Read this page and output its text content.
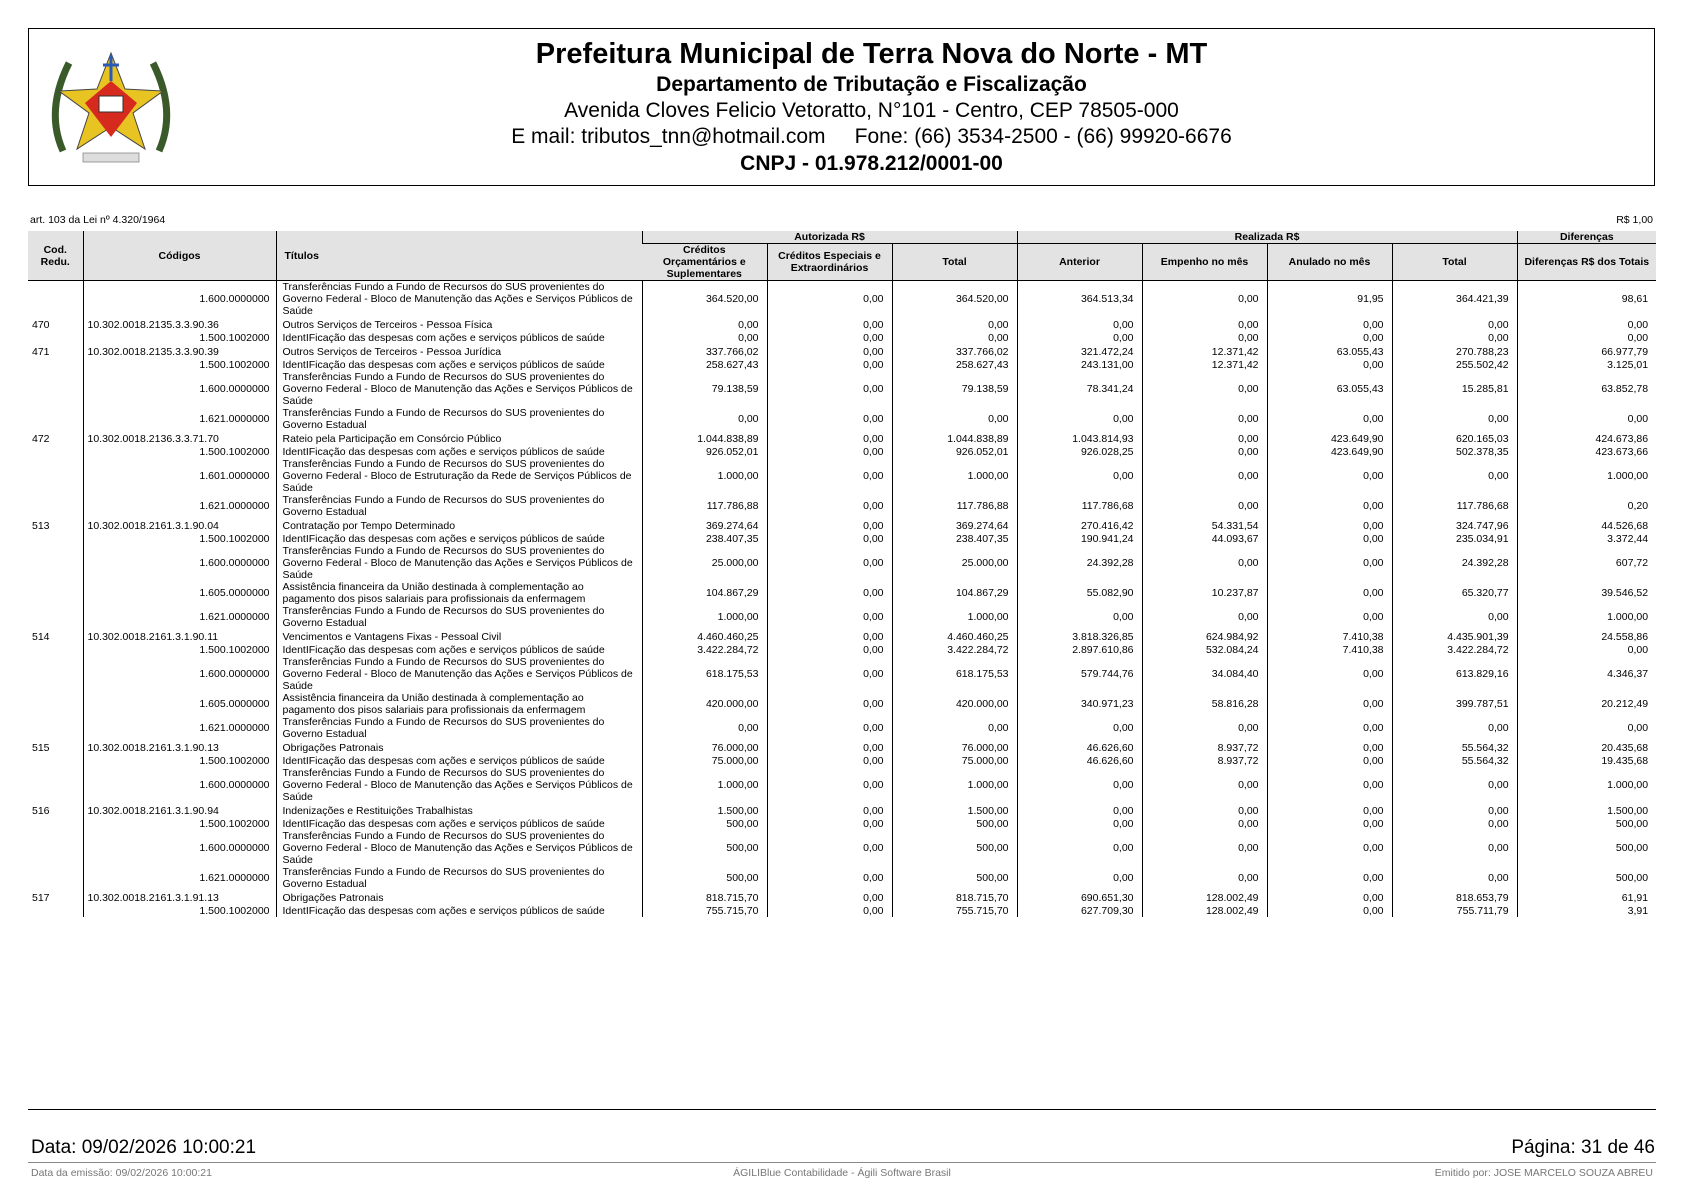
Prefeitura Municipal de Terra Nova do Norte - MT
Departamento de Tributação e Fiscalização
Avenida Cloves Felicio Vetoratto, N°101 - Centro, CEP 78505-000
E mail: tributos_tnn@hotmail.com     Fone: (66) 3534-2500 - (66) 99920-6676
CNPJ - 01.978.212/0001-00
art. 103 da Lei nº 4.320/1964	R$ 1,00
Cod. Redu.	Códigos	Títulos	Autorizada R$			Realizada R$				Diferenças
			Créditos Orçamentários e Suplementares	Créditos Especiais e Extraordinários	Total	Anterior	Empenho no mês	Anulado no mês	Total	Diferenças R$ dos Totais
	1.600.0000000	Transferências Fundo a Fundo de Recursos do SUS provenientes do Governo Federal - Bloco de Manutenção das Ações e Serviços Públicos de Saúde	364.520,00	0,00	364.520,00	364.513,34	0,00	91,95	364.421,39	98,61
470	10.302.0018.2135.3.3.90.36	Outros Serviços de Terceiros - Pessoa Física	0,00	0,00	0,00	0,00	0,00	0,00	0,00	0,00
	1.500.1002000	IdentIFicação das despesas com ações e serviços públicos de saúde	0,00	0,00	0,00	0,00	0,00	0,00	0,00	0,00
471	10.302.0018.2135.3.3.90.39	Outros Serviços de Terceiros - Pessoa Jurídica	337.766,02	0,00	337.766,02	321.472,24	12.371,42	63.055,43	270.788,23	66.977,79
	1.500.1002000	IdentIFicação das despesas com ações e serviços públicos de saúde	258.627,43	0,00	258.627,43	243.131,00	12.371,42	0,00	255.502,42	3.125,01
	1.600.0000000	Transferências Fundo a Fundo de Recursos do SUS provenientes do Governo Federal - Bloco de Manutenção das Ações e Serviços Públicos de Saúde	79.138,59	0,00	79.138,59	78.341,24	0,00	63.055,43	15.285,81	63.852,78
	1.621.0000000	Transferências Fundo a Fundo de Recursos do SUS provenientes do Governo Estadual	0,00	0,00	0,00	0,00	0,00	0,00	0,00	0,00
472	10.302.0018.2136.3.3.71.70	Rateio pela Participação em Consórcio Público	1.044.838,89	0,00	1.044.838,89	1.043.814,93	0,00	423.649,90	620.165,03	424.673,86
	1.500.1002000	IdentIFicação das despesas com ações e serviços públicos de saúde	926.052,01	0,00	926.052,01	926.028,25	0,00	423.649,90	502.378,35	423.673,66
	1.601.0000000	Transferências Fundo a Fundo de Recursos do SUS provenientes do Governo Federal - Bloco de Estruturação da Rede de Serviços Públicos de Saúde	1.000,00	0,00	1.000,00	0,00	0,00	0,00	0,00	1.000,00
	1.621.0000000	Transferências Fundo a Fundo de Recursos do SUS provenientes do Governo Estadual	117.786,88	0,00	117.786,88	117.786,68	0,00	0,00	117.786,68	0,20
513	10.302.0018.2161.3.1.90.04	Contratação por Tempo Determinado	369.274,64	0,00	369.274,64	270.416,42	54.331,54	0,00	324.747,96	44.526,68
	1.500.1002000	IdentIFicação das despesas com ações e serviços públicos de saúde	238.407,35	0,00	238.407,35	190.941,24	44.093,67	0,00	235.034,91	3.372,44
	1.600.0000000	Transferências Fundo a Fundo de Recursos do SUS provenientes do Governo Federal - Bloco de Manutenção das Ações e Serviços Públicos de Saúde	25.000,00	0,00	25.000,00	24.392,28	0,00	0,00	24.392,28	607,72
	1.605.0000000	Assistência financeira da União destinada à complementação ao pagamento dos pisos salariais para profissionais da enfermagem	104.867,29	0,00	104.867,29	55.082,90	10.237,87	0,00	65.320,77	39.546,52
	1.621.0000000	Transferências Fundo a Fundo de Recursos do SUS provenientes do Governo Estadual	1.000,00	0,00	1.000,00	0,00	0,00	0,00	0,00	1.000,00
514	10.302.0018.2161.3.1.90.11	Vencimentos e Vantagens Fixas - Pessoal Civil	4.460.460,25	0,00	4.460.460,25	3.818.326,85	624.984,92	7.410,38	4.435.901,39	24.558,86
	1.500.1002000	IdentIFicação das despesas com ações e serviços públicos de saúde	3.422.284,72	0,00	3.422.284,72	2.897.610,86	532.084,24	7.410,38	3.422.284,72	0,00
	1.600.0000000	Transferências Fundo a Fundo de Recursos do SUS provenientes do Governo Federal - Bloco de Manutenção das Ações e Serviços Públicos de Saúde	618.175,53	0,00	618.175,53	579.744,76	34.084,40	0,00	613.829,16	4.346,37
	1.605.0000000	Assistência financeira da União destinada à complementação ao pagamento dos pisos salariais para profissionais da enfermagem	420.000,00	0,00	420.000,00	340.971,23	58.816,28	0,00	399.787,51	20.212,49
	1.621.0000000	Transferências Fundo a Fundo de Recursos do SUS provenientes do Governo Estadual	0,00	0,00	0,00	0,00	0,00	0,00	0,00	0,00
515	10.302.0018.2161.3.1.90.13	Obrigações Patronais	76.000,00	0,00	76.000,00	46.626,60	8.937,72	0,00	55.564,32	20.435,68
	1.500.1002000	IdentIFicação das despesas com ações e serviços públicos de saúde	75.000,00	0,00	75.000,00	46.626,60	8.937,72	0,00	55.564,32	19.435,68
	1.600.0000000	Transferências Fundo a Fundo de Recursos do SUS provenientes do Governo Federal - Bloco de Manutenção das Ações e Serviços Públicos de Saúde	1.000,00	0,00	1.000,00	0,00	0,00	0,00	0,00	1.000,00
516	10.302.0018.2161.3.1.90.94	Indenizações e Restituições Trabalhistas	1.500,00	0,00	1.500,00	0,00	0,00	0,00	0,00	1.500,00
	1.500.1002000	IdentIFicação das despesas com ações e serviços públicos de saúde	500,00	0,00	500,00	0,00	0,00	0,00	0,00	500,00
	1.600.0000000	Transferências Fundo a Fundo de Recursos do SUS provenientes do Governo Federal - Bloco de Manutenção das Ações e Serviços Públicos de Saúde	500,00	0,00	500,00	0,00	0,00	0,00	0,00	500,00
	1.621.0000000	Transferências Fundo a Fundo de Recursos do SUS provenientes do Governo Estadual	500,00	0,00	500,00	0,00	0,00	0,00	0,00	500,00
517	10.302.0018.2161.3.1.91.13	Obrigações Patronais	818.715,70	0,00	818.715,70	690.651,30	128.002,49	0,00	818.653,79	61,91
	1.500.1002000	IdentIFicação das despesas com ações e serviços públicos de saúde	755.715,70	0,00	755.715,70	627.709,30	128.002,49	0,00	755.711,79	3,91
Data: 09/02/2026 10:00:21	Página: 31 de 46
Data da emissão: 09/02/2026 10:00:21	ÁGILIBlue Contabilidade - Ágili Software Brasil	Emitido por: JOSE MARCELO SOUZA ABREU
